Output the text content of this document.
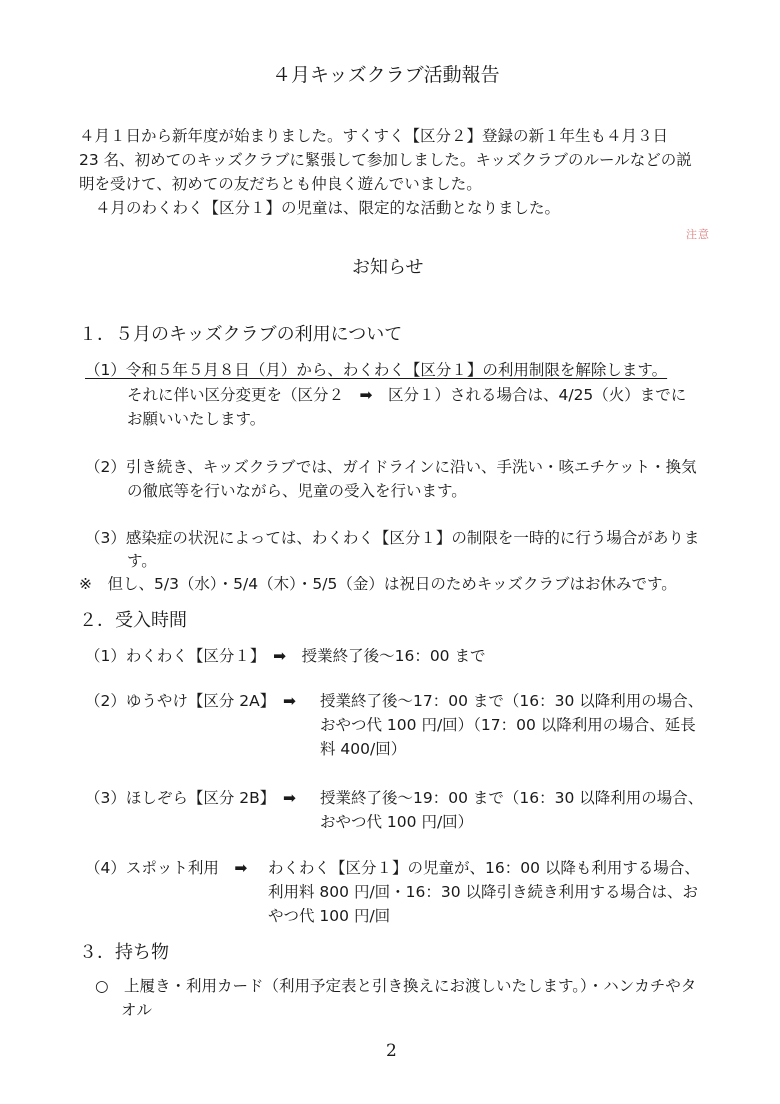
４月キッズクラブ活動報告
４月１日から新年度が始まりました。すくすく【区分２】登録の新１年生も４月３日
23 名、初めてのキッズクラブに緊張して参加しました。キッズクラブのルールなどの説
明を受けて、初めての友だちとも仲良く遊んでいました。
４月のわくわく【区分１】の児童は、限定的な活動となりました。
注意
お知らせ
１．５月のキッズクラブの利用について
（1）令和５年５月８日（月）から、わくわく【区分１】の利用制限を解除します。
それに伴い区分変更を（区分２　➡　区分１）される場合は、4/25（火）までに
お願いいたします。
（2）引き続き、キッズクラブでは、ガイドラインに沿い、手洗い・咳エチケット・換気
の徹底等を行いながら、児童の受入を行います。
（3）感染症の状況によっては、わくわく【区分１】の制限を一時的に行う場合がありま
す。
※　但し、5/3（水）・5/4（木）・5/5（金）は祝日のためキッズクラブはお休みです。
２．受入時間
（1）わくわく【区分１】　➡　授業終了後～16：00 まで
（2）ゆうやけ【区分 2A】　➡ 授業終了後～17：00 まで（16：30 以降利用の場合、
おやつ代 100 円/回）（17：00 以降利用の場合、延長
料 400/回）
（3）ほしぞら【区分 2B】　➡ 授業終了後～19：00 まで（16：30 以降利用の場合、
おやつ代 100 円/回）
（4）スポット利用　➡ わくわく【区分１】の児童が、16：00 以降も利用する場合、
利用料 800 円/回・16：30 以降引き続き利用する場合は、お
やつ代 100 円/回
３．持ち物
○　上履き・利用カード（利用予定表と引き換えにお渡しいたします。）・ハンカチやタ
オル
2
